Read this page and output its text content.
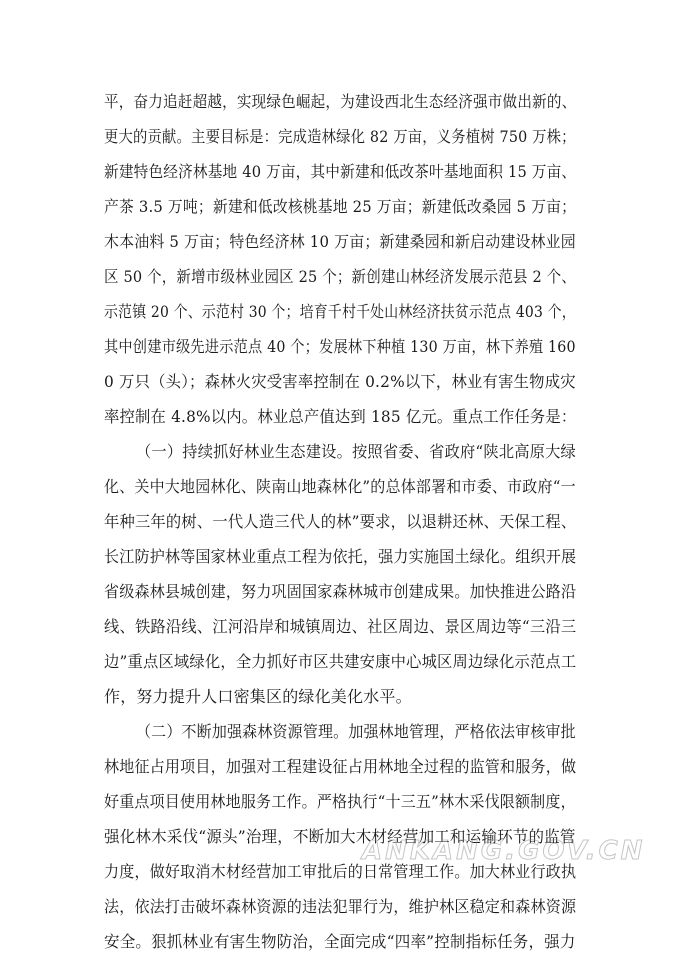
平，奋力追赶超越，实现绿色崛起，为建设西北生态经济强市做出新的、
更大的贡献。主要目标是：完成造林绿化 82 万亩，义务植树 750 万株；
新建特色经济林基地 40 万亩，其中新建和低改茶叶基地面积 15 万亩、
产茶 3.5 万吨；新建和低改核桃基地 25 万亩；新建低改桑园 5 万亩；
木本油料 5 万亩；特色经济林 10 万亩；新建桑园和新启动建设林业园
区 50 个，新增市级林业园区 25 个；新创建山林经济发展示范县 2 个、
示范镇 20 个、示范村 30 个；培育千村千处山林经济扶贫示范点 403 个，
其中创建市级先进示范点 40 个；发展林下种植 130 万亩，林下养殖 160
0 万只（头）；森林火灾受害率控制在 0.2%以下，林业有害生物成灾
率控制在 4.8%以内。林业总产值达到 185 亿元。重点工作任务是：
（一）持续抓好林业生态建设。按照省委、省政府“陕北高原大绿
化、关中大地园林化、陕南山地森林化”的总体部署和市委、市政府“一
年种三年的树、一代人造三代人的林”要求，以退耕还林、天保工程、
长江防护林等国家林业重点工程为依托，强力实施国土绿化。组织开展
省级森林县城创建，努力巩固国家森林城市创建成果。加快推进公路沿
线、铁路沿线、江河沿岸和城镇周边、社区周边、景区周边等“三沿三
边”重点区域绿化，全力抓好市区共建安康中心城区周边绿化示范点工
作，努力提升人口密集区的绿化美化水平。
（二）不断加强森林资源管理。加强林地管理，严格依法审核审批
林地征占用项目，加强对工程建设征占用林地全过程的监管和服务，做
好重点项目使用林地服务工作。严格执行“十三五”林木采伐限额制度，
强化林木采伐“源头”治理，不断加大木材经营加工和运输环节的监管
力度，做好取消木材经营加工审批后的日常管理工作。加大林业行政执
法，依法打击破坏森林资源的违法犯罪行为，维护林区稳定和森林资源
安全。狠抓林业有害生物防治，全面完成“四率”控制指标任务，强力
ANKANG.GOV.CN
